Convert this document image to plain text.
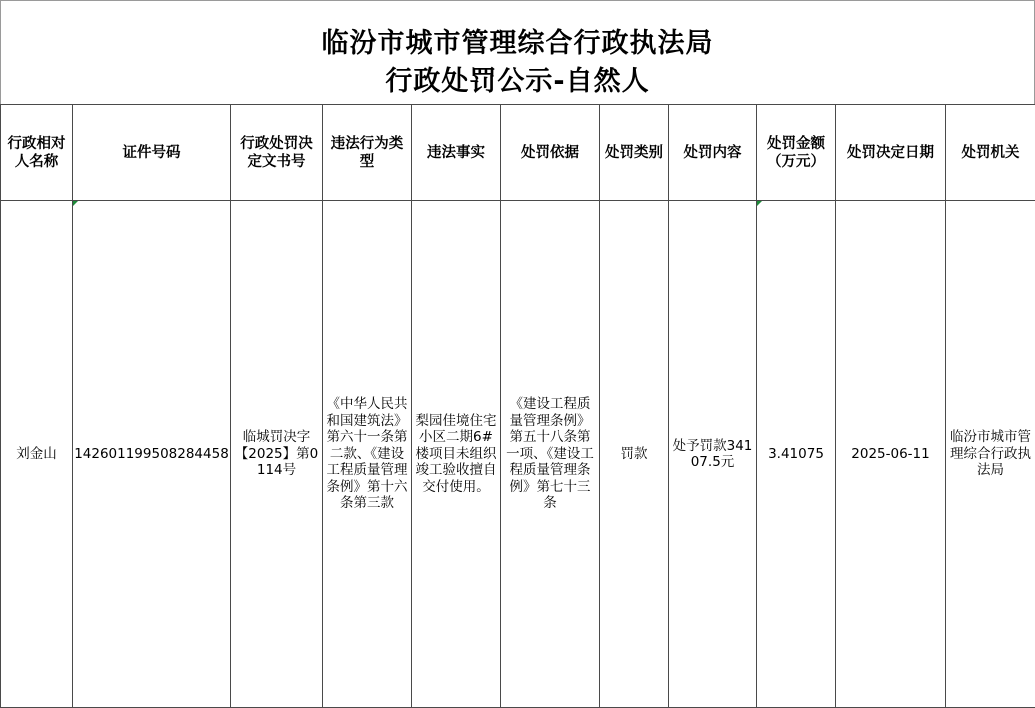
临汾市城市管理综合行政执法局
行政处罚公示-自然人
行政相对人名称	证件号码	行政处罚决定文书号	违法行为类型	违法事实	处罚依据	处罚类别	处罚内容	处罚金额（万元）	处罚决定日期	处罚机关

刘金山	142601199508284458	临城罚决字【2025】第0114号	《中华人民共和国建筑法》第六十一条第二款、《建设工程质量管理条例》第十六条第三款	梨园佳境住宅小区二期6#楼项目未组织竣工验收擅自交付使用。	《建设工程质量管理条例》第五十八条第一项、《建设工程质量管理条例》第七十三条	罚款	处予罚款34107.5元	3.41075	2025-06-11	临汾市城市管理综合行政执法局
